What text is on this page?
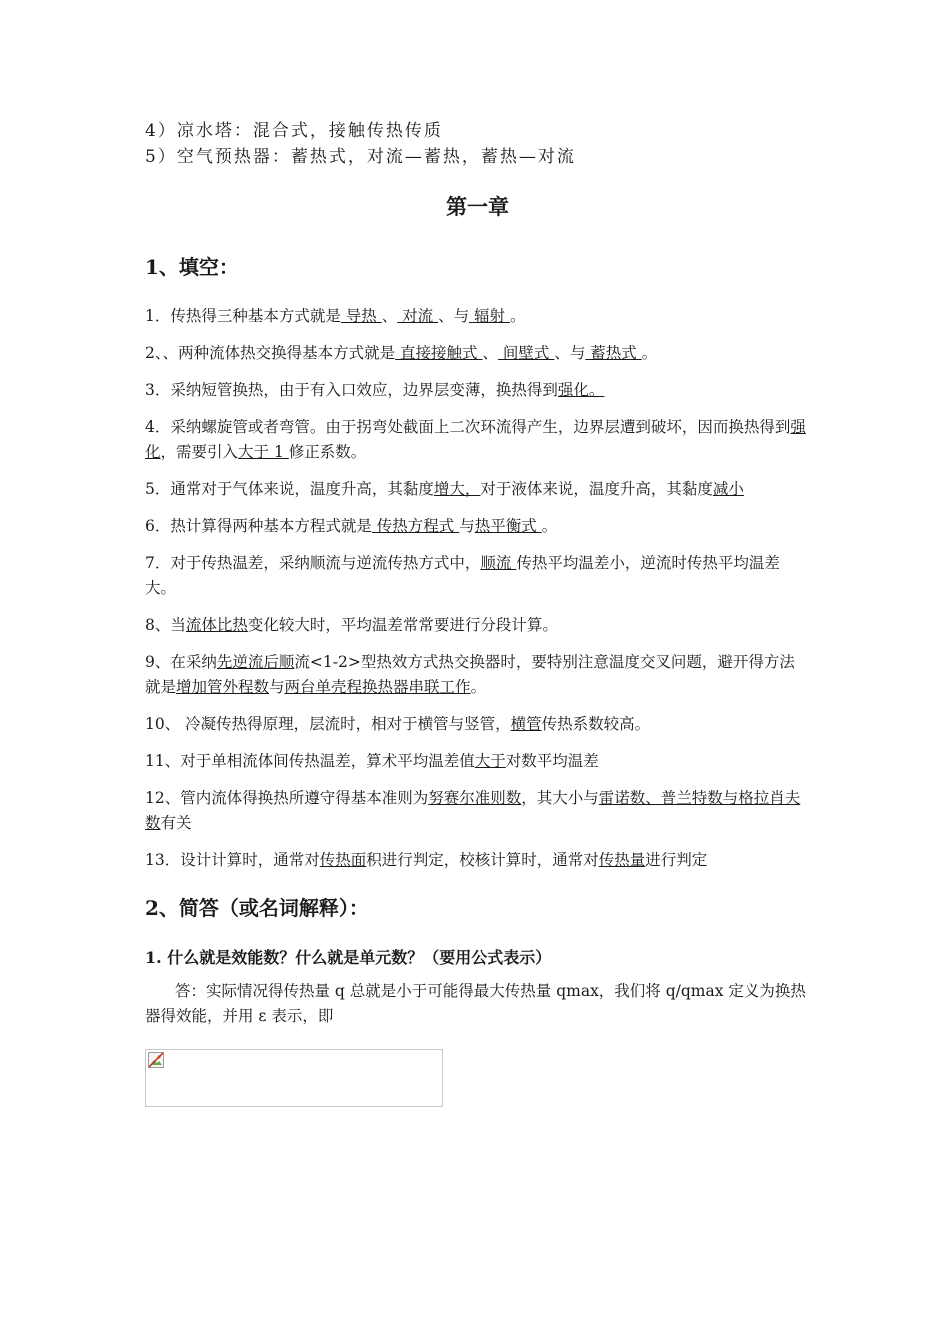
4）凉水塔：混合式，接触传热传质

5）空气预热器：蓄热式，对流—蓄热，蓄热—对流

第一章
1、填空：

1．传热得三种基本方式就是 导热 、 对流 、与 辐射 。

2、、两种流体热交换得基本方式就是 直接接触式 、 间壁式 、与 蓄热式 。

3．采纳短管换热，由于有入口效应，边界层变薄，换热得到强化。

4．采纳螺旋管或者弯管。由于拐弯处截面上二次环流得产生，边界层遭到破坏，因而换热得到强化，需要引入大于 1 修正系数。

5．通常对于气体来说，温度升高，其黏度增大，对于液体来说，温度升高，其黏度减小

6．热计算得两种基本方程式就是 传热方程式 与热平衡式 。

7．对于传热温差，采纳顺流与逆流传热方式中，顺流 传热平均温差小，逆流时传热平均温差大。

8、当流体比热变化较大时，平均温差常常要进行分段计算。

9、在采纳先逆流后顺流<1-2>型热效方式热交换器时，要特别注意温度交叉问题，避开得方法就是增加管外程数与两台单壳程换热器串联工作。

10、 冷凝传热得原理，层流时，相对于横管与竖管，横管传热系数较高。

11、对于单相流体间传热温差，算术平均温差值大于对数平均温差

12、管内流体得换热所遵守得基本准则为努赛尔准则数，其大小与雷诺数、普兰特数与格拉肖夫数有关

13．设计计算时，通常对传热面积进行判定，校核计算时，通常对传热量进行判定

2、简答（或名词解释）：

1. 什么就是效能数？什么就是单元数？（要用公式表示）

答：实际情况得传热量 q 总就是小于可能得最大传热量 qmax，我们将 q/qmax 定义为换热器得效能，并用 ε 表示，即
